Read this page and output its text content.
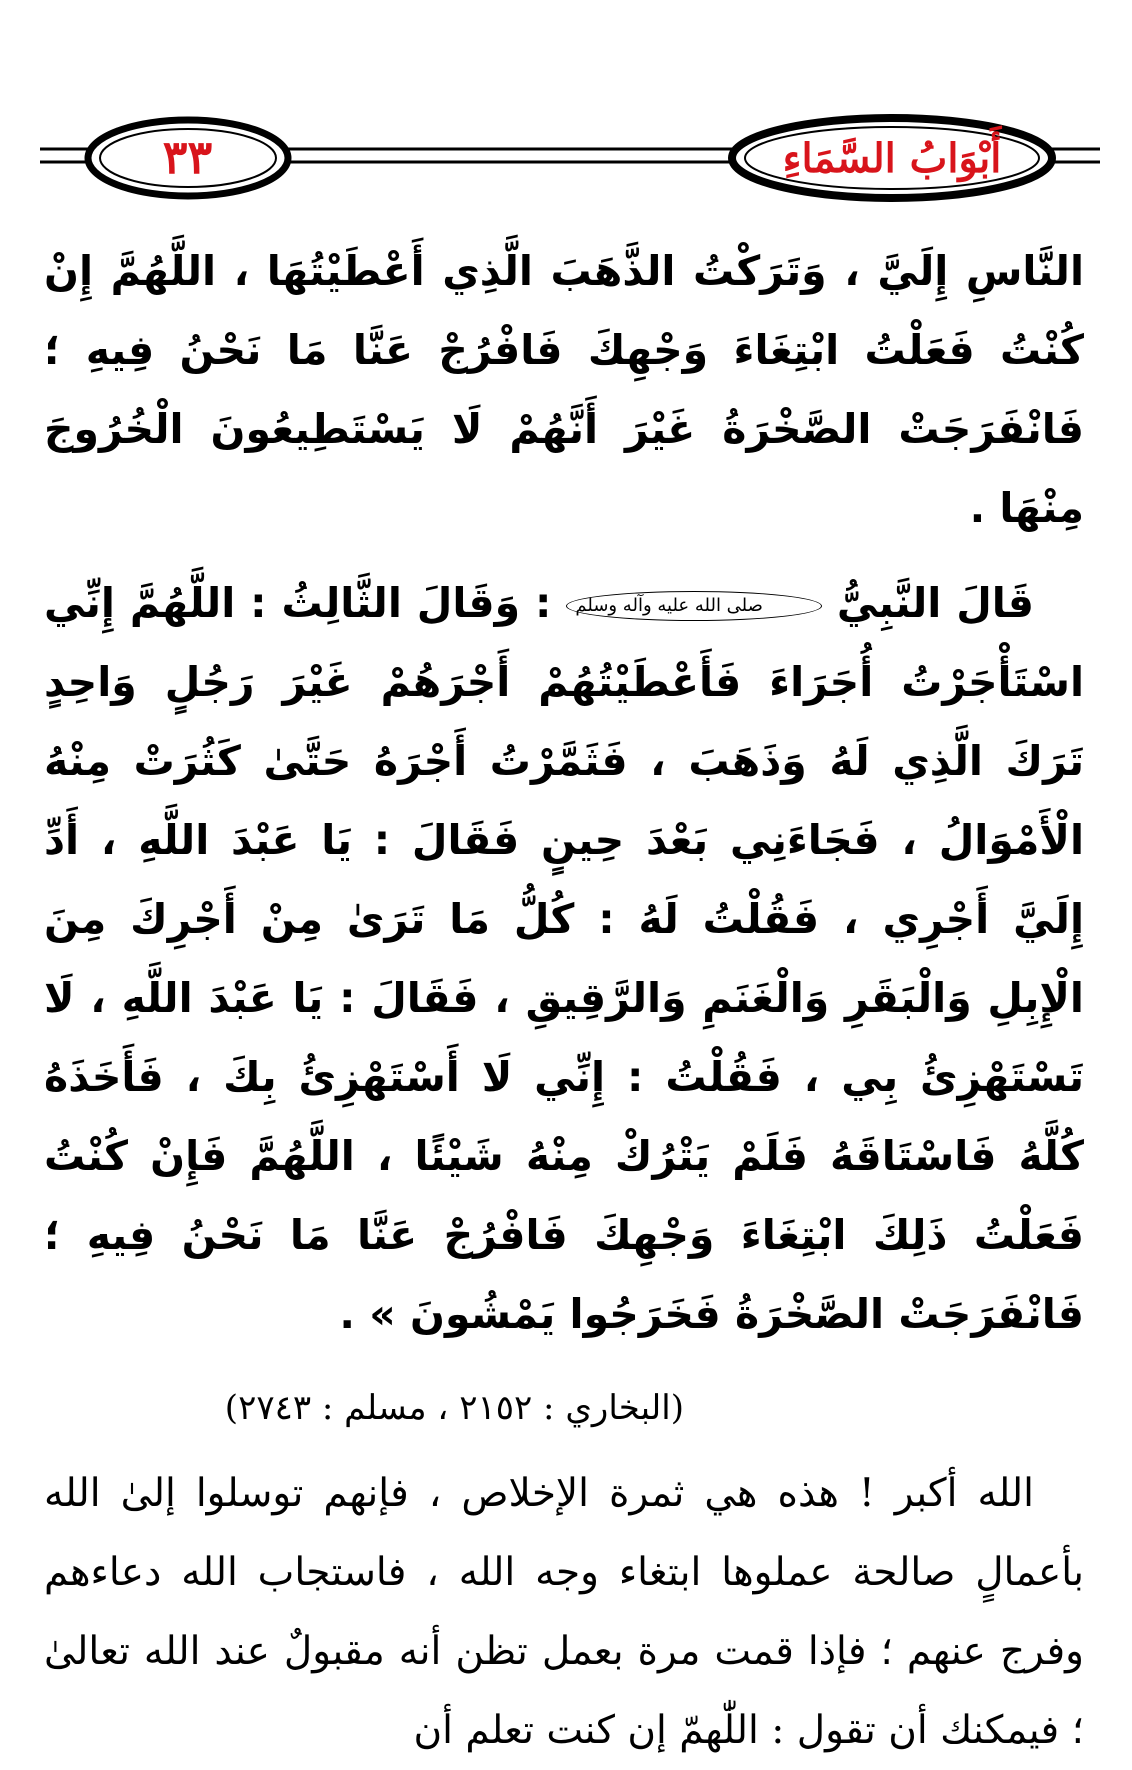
٣٣	أَبْوَابُ السَّمَاءِ

النَّاسِ إِلَيَّ ، وَتَرَكْتُ الذَّهَبَ الَّذِي أَعْطَيْتُهَا ، اللَّهُمَّ إِنْ كُنْتُ فَعَلْتُ ابْتِغَاءَ وَجْهِكَ فَافْرُجْ عَنَّا مَا نَحْنُ فِيهِ ؛ فَانْفَرَجَتْ الصَّخْرَةُ غَيْرَ أَنَّهُمْ لَا يَسْتَطِيعُونَ الْخُرُوجَ مِنْهَا .

قَالَ النَّبِيُّ صلى الله عليه وآله وسلم : وَقَالَ الثَّالِثُ : اللَّهُمَّ إِنِّي اسْتَأْجَرْتُ أُجَرَاءَ فَأَعْطَيْتُهُمْ أَجْرَهُمْ غَيْرَ رَجُلٍ وَاحِدٍ تَرَكَ الَّذِي لَهُ وَذَهَبَ ، فَثَمَّرْتُ أَجْرَهُ حَتَّىٰ كَثُرَتْ مِنْهُ الْأَمْوَالُ ، فَجَاءَنِي بَعْدَ حِينٍ فَقَالَ : يَا عَبْدَ اللَّهِ ، أَدِّ إِلَيَّ أَجْرِي ، فَقُلْتُ لَهُ : كُلُّ مَا تَرَىٰ مِنْ أَجْرِكَ مِنَ الْإِبِلِ وَالْبَقَرِ وَالْغَنَمِ وَالرَّقِيقِ ، فَقَالَ : يَا عَبْدَ اللَّهِ ، لَا تَسْتَهْزِئُ بِي ، فَقُلْتُ : إِنِّي لَا أَسْتَهْزِئُ بِكَ ، فَأَخَذَهُ كُلَّهُ فَاسْتَاقَهُ فَلَمْ يَتْرُكْ مِنْهُ شَيْئًا ، اللَّهُمَّ فَإِنْ كُنْتُ فَعَلْتُ ذَلِكَ ابْتِغَاءَ وَجْهِكَ فَافْرُجْ عَنَّا مَا نَحْنُ فِيهِ ؛ فَانْفَرَجَتْ الصَّخْرَةُ فَخَرَجُوا يَمْشُونَ » .

(البخاري : ٢١٥٢ ، مسلم : ٢٧٤٣)
الله أكبر ! هذه هي ثمرة الإخلاص ، فإنهم توسلوا إلىٰ الله بأعمالٍ صالحة عملوها ابتغاء وجه الله ، فاستجاب الله دعاءهم وفرج عنهم ؛ فإذا قمت مرة بعمل تظن أنه مقبولٌ عند الله تعالىٰ ؛ فيمكنك أن تقول : اللّٰهمّ إن كنت تعلم أن
